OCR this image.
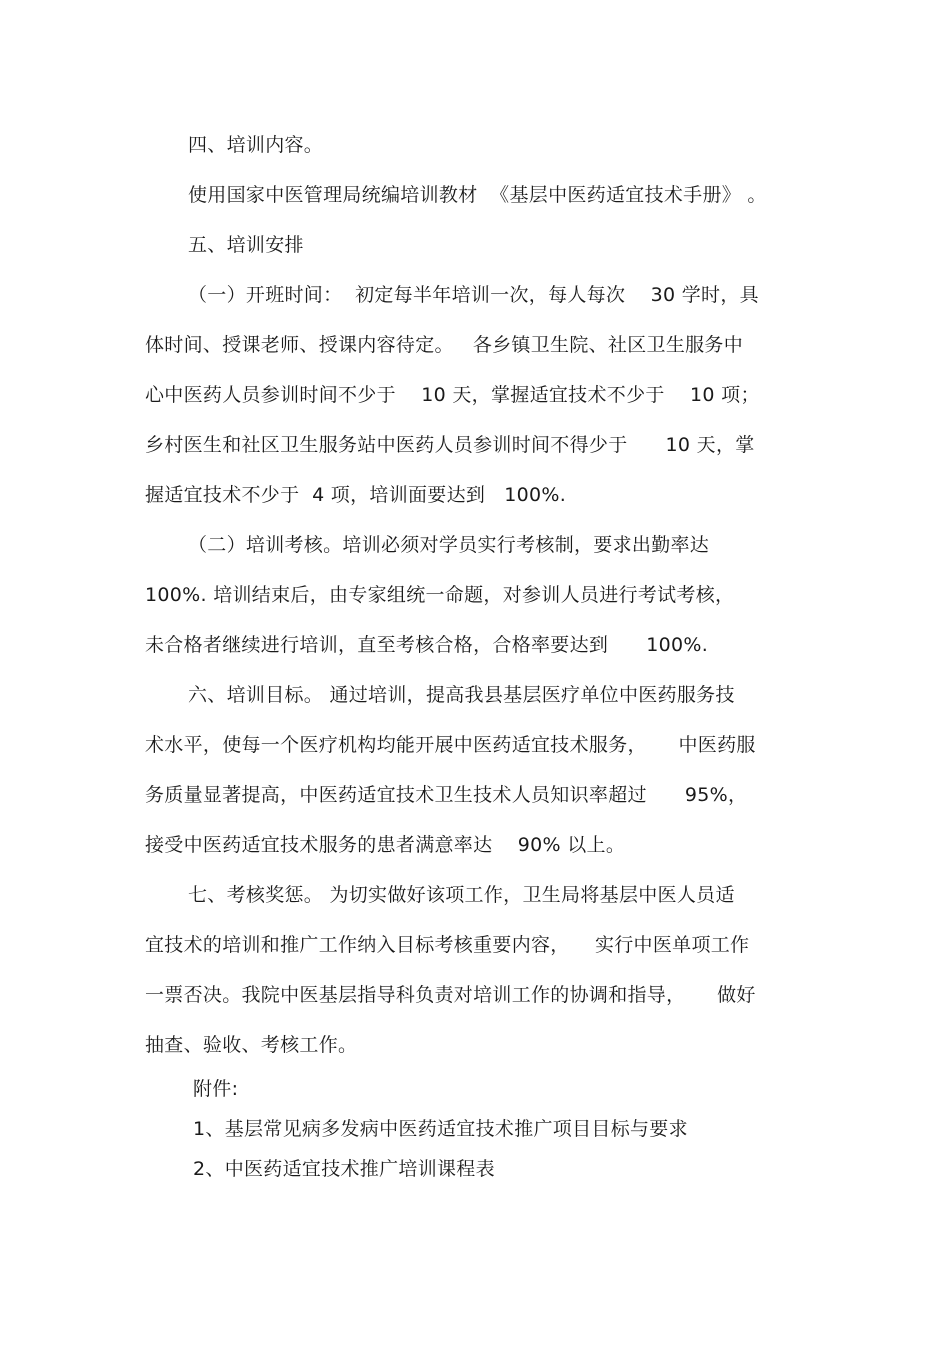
四、培训内容。
使用国家中医管理局统编培训教材  《基层中医药适宜技术手册》 。
五、培训安排
（一）开班时间：  初定每半年培训一次，每人每次    30 学时，具
体时间、授课老师、授课内容待定。   各乡镇卫生院、社区卫生服务中
心中医药人员参训时间不少于    10 天，掌握适宜技术不少于    10 项；
乡村医生和社区卫生服务站中医药人员参训时间不得少于      10 天，掌
握适宜技术不少于  4 项，培训面要达到   100%.
（二）培训考核。培训必须对学员实行考核制，要求出勤率达
100%. 培训结束后，由专家组统一命题，对参训人员进行考试考核，
未合格者继续进行培训，直至考核合格，合格率要达到      100%.
六、培训目标。 通过培训，提高我县基层医疗单位中医药服务技
术水平，使每一个医疗机构均能开展中医药适宜技术服务，     中医药服
务质量显著提高，中医药适宜技术卫生技术人员知识率超过      95%，
接受中医药适宜技术服务的患者满意率达    90% 以上。
七、考核奖惩。 为切实做好该项工作，卫生局将基层中医人员适
宜技术的培训和推广工作纳入目标考核重要内容，    实行中医单项工作
一票否决。我院中医基层指导科负责对培训工作的协调和指导，     做好
抽查、验收、考核工作。
附件:
1、基层常见病多发病中医药适宜技术推广项目目标与要求
2、中医药适宜技术推广培训课程表
